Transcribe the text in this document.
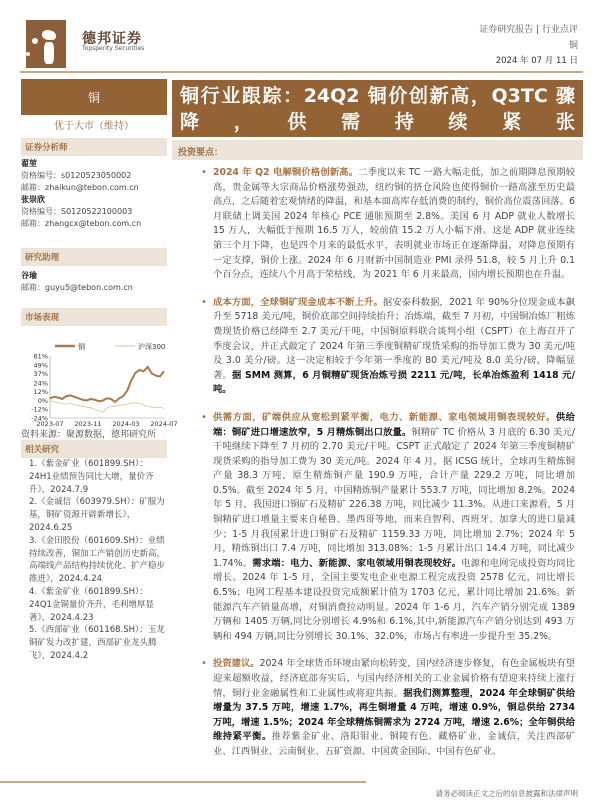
德邦证券
Topsperity Securities
证券研究报告 | 行业点评
铜
2024 年 07 月 11 日
铜
优于大市（维持）
铜行业跟踪：24Q2 铜价创新高，Q3TC 骤降，供需持续紧张
投资要点：
证券分析师
翟堃
资格编号：s0120523050002
邮箱：zhaikun@tebon.com.cn
张崇欣
资格编号：S0120522100003
邮箱：zhangcx@tebon.com.cn
研究助理
谷瑜
邮箱：guyu5@tebon.com.cn
市场表现
61%
49%
37%
24%
12%
0%
-12%
-24%
2023-07 2023-11 2024-03 2024-07
铜	沪深300
资料来源：聚源数据，德邦研究所
相关研究
1.《紫金矿业（601899.SH）：24H1业绩预告同比大增，量价齐升》，2024.7.9
2.《金诚信（603979.SH）：矿服为基，铜矿资源开辟新增长》，2024.6.25
3.《金田股份（601609.SH）：业绩持续改善，铜加工产销创历史新高，高端线产品结构持续优化、扩产稳步推进》，2024.4.24
4.《紫金矿业（601899.SH）：24Q1金铜量价齐升，毛利增厚显著》，2024.4.23
5.《西部矿业（601168.SH）：玉龙铜矿发力改扩建，西部矿业龙头腾飞》，2024.4.2
• 2024 年 Q2 电解铜价格创新高。二季度以来 TC 一路大幅走低，加之前期降息预期较高，贵金属等大宗商品价格涨势强劲，纽约铜的挤仓风险也使得铜价一路高涨至历史最高点，之后随着宏观情绪的降温，和基本面高库存低消费的制约，铜价高位震荡回落。6 月联储上调美国 2024 年核心 PCE 通胀预期至 2.8%。美国 6 月 ADP 就业人数增长 15 万人，大幅低于预期 16.5 万人，较前值 15.2 万人小幅下滑。这是 ADP 就业连续第三个月下降，也是四个月来的最低水平，表明就业市场正在逐渐降温，对降息预期有一定支撑，铜价上涨。2024 年 6 月财新中国制造业 PMI 录得 51.8，较 5 月上升 0.1 个百分点，连续八个月高于荣枯线，为 2021 年 6 月来最高，国内增长预期也在升温。
• 成本方面，全球铜矿现金成本不断上升。据安泰科数据，2021 年 90%分位现金成本飙升至 5718 美元/吨，铜价底部空间持续抬升；冶炼端，截至 7 月初，中国铜冶炼厂粗炼费现货价格已经降至 2.7 美元/干吨，中国铜原料联合谈判小组（CSPT）在上海召开了季度会议，并正式敲定了 2024 年第三季度铜精矿现货采购的指导加工费为 30 美元/吨及 3.0 美分/磅。这一决定相较于今年第一季度的 80 美元/吨及 8.0 美分/磅，降幅显著。据 SMM 测算，6 月铜精矿现货冶炼亏损 2211 元/吨，长单冶炼盈利 1418 元/吨。
• 供需方面，矿端供应从宽松到紧平衡，电力、新能源、家电领域用铜表现较好。供给端：铜矿进口增速放窄，5 月精炼铜出口放量。铜精矿 TC 价格从 3 月底的 6.30 美元/干吨继续下降至 7 月初的 2.70 美元/干吨。CSPT 正式敲定了 2024 年第三季度铜精矿现货采购的指导加工费为 30 美元/吨。2024 年 4 月，据 ICSG 统计，全球再生精炼铜产量 38.3 万吨，原生精炼铜产量 190.9 万吨，合计产量 229.2 万吨，同比增加 0.5%。截至 2024 年 5 月，中国精炼铜产量累计 553.7 万吨，同比增加 8.2%。2024 年 5 月，我国进口铜矿石及精矿 226.38 万吨，同比减少 11.3%。从进口来源看，5 月铜精矿进口增量主要来自秘鲁、墨西哥等地，而来自智利、西班牙、加拿大的进口量减少；1-5 月我国累计进口铜矿石及精矿 1159.33 万吨，同比增加 2.7%；2024 年 5 月，精炼铜出口 7.4 万吨，同比增加 313.08%；1-5 月累计出口 14.4 万吨，同比减少 1.74%。需求端：电力、新能源、家电领域用铜表现较好。电源和电网完成投资均同比增长。2024 年 1-5 月，全国主要发电企业电源工程完成投资 2578 亿元，同比增长 6.5%；电网工程基本建设投资完成额累计值为 1703 亿元，累计同比增加 21.6%。新能源汽车产销量高增，对铜消费拉动明显。2024 年 1-6 月，汽车产销分别完成 1389 万辆和 1405 万辆,同比分别增长 4.9%和 6.1%,其中,新能源汽车产销分别达到 493 万辆和 494 万辆,同比分别增长 30.1%、32.0%，市场占有率进一步提升至 35.2%。
• 投资建议。2024 年全球货币环境由紧向松转变，国内经济逐步修复，有色金属板块有望迎来超额收益，经济底部夯实后，与国内经济相关的工业金属价格有望迎来持续上涨行情，铜行业金融属性和工业属性或将迎共振。据我们测算整理，2024 年全球铜矿供给增量为 37.5 万吨，增速 1.7%，再生铜增量 4 万吨，增速 0.9%，铜总供给 2734 万吨，增速 1.5%；2024 年全球精炼铜需求为 2724 万吨，增速 2.6%；全年铜供给维持紧平衡。推荐紫金矿业、洛阳钼业、铜陵有色、藏格矿业、金诚信，关注西部矿业、江西铜业、云南铜业、五矿资源、中国黄金国际、中国有色矿业。
请务必阅读正文之后的信息披露和法律声明
